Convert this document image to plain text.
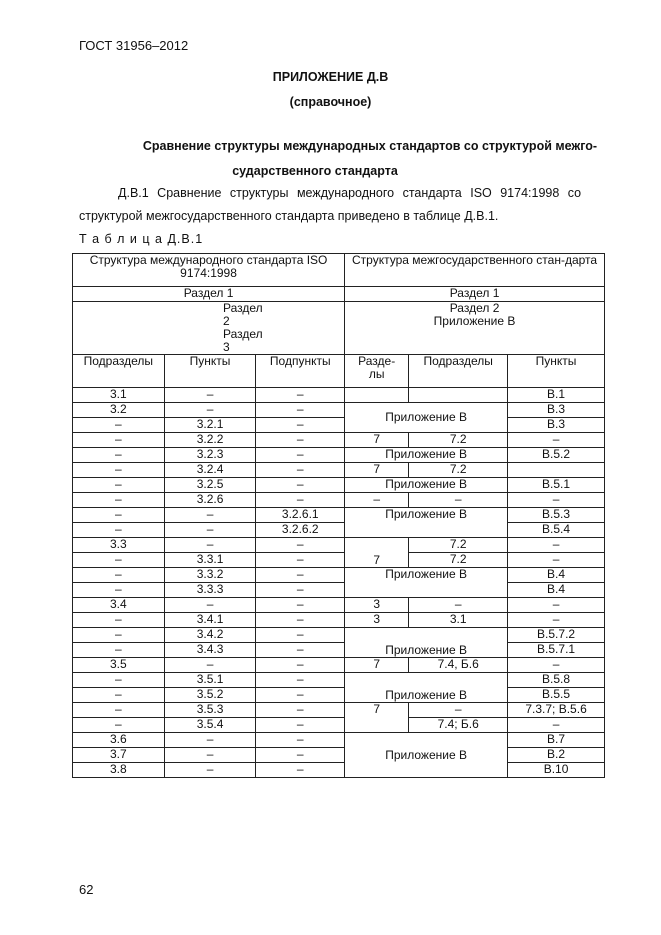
ГОСТ 31956–2012
ПРИЛОЖЕНИЕ Д.В
(справочное)
Сравнение структуры международных стандартов со структурой межго-
сударственного стандарта
Д.В.1 Сравнение структуры международного стандарта ISO 9174:1998 со
структурой межгосударственного стандарта приведено в таблице Д.В.1.
Т а б л и ц а Д.В.1
Структура международного стандарта ISO 9174:1998			Структура межгосударственного стан-дарта		
Раздел 1			Раздел 1		
Раздел 2 Раздел 3			Раздел 2 Приложение В		
Подразделы	Пункты	Подпункты	Разде-лы	Подразделы	Пункты
3.1	–	–			В.1
3.2	–	–	Приложение В		В.3
–	3.2.1	–			В.3
–	3.2.2	–	7	7.2	–
–	3.2.3	–	Приложение В		В.5.2
–	3.2.4	–	7	7.2	
–	3.2.5	–	Приложение В		В.5.1
–	3.2.6	–	–	–	–
–	–	3.2.6.1	Приложение В		В.5.3
–	–	3.2.6.2			В.5.4
3.3	–	–	7	7.2	–
–	3.3.1	–		7.2	–
–	3.3.2	–	Приложение В		В.4
–	3.3.3	–			В.4
3.4	–	–	3	–	–
–	3.4.1	–	3	3.1	–
–	3.4.2	–	Приложение В		В.5.7.2
–	3.4.3	–			В.5.7.1
3.5	–	–	7	7.4, Б.6	–
–	3.5.1	–	Приложение В		В.5.8
–	3.5.2	–			В.5.5
–	3.5.3	–	7	–	7.3.7; В.5.6
–	3.5.4	–		7.4; Б.6	–
3.6	–	–	Приложение В		В.7
3.7	–	–			В.2
3.8	–	–			В.10
62
